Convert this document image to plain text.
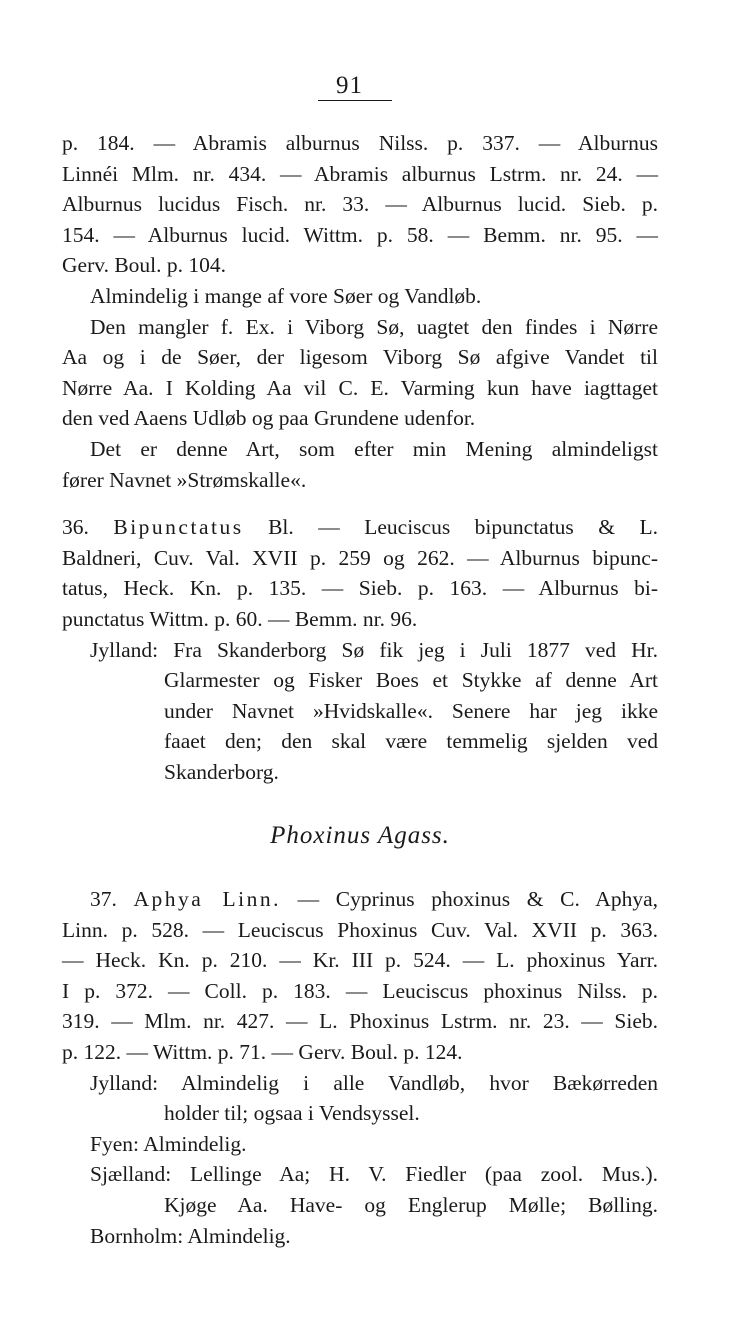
91
p. 184. — Abramis alburnus Nilss. p. 337. — Alburnus
Linnéi Mlm. nr. 434. — Abramis alburnus Lstrm. nr. 24. —
Alburnus lucidus Fisch. nr. 33. — Alburnus lucid. Sieb. p.
154. — Alburnus lucid. Wittm. p. 58. — Bemm. nr. 95. —
Gerv. Boul. p. 104.
Almindelig i mange af vore Søer og Vandløb.
Den mangler f. Ex. i Viborg Sø, uagtet den findes i Nørre
Aa og i de Søer, der ligesom Viborg Sø afgive Vandet til
Nørre Aa. I Kolding Aa vil C. E. Varming kun have iagttaget
den ved Aaens Udløb og paa Grundene udenfor.
Det er denne Art, som efter min Mening almindeligst
fører Navnet »Strømskalle«.
36. Bipunctatus Bl. — Leuciscus bipunctatus & L.
Baldneri, Cuv. Val. XVII p. 259 og 262. — Alburnus bipunc-
tatus, Heck. Kn. p. 135. — Sieb. p. 163. — Alburnus bi-
punctatus Wittm. p. 60. — Bemm. nr. 96.
Jylland: Fra Skanderborg Sø fik jeg i Juli 1877 ved Hr.
Glarmester og Fisker Boes et Stykke af denne Art
under Navnet »Hvidskalle«. Senere har jeg ikke
faaet den; den skal være temmelig sjelden ved
Skanderborg.
Phoxinus Agass.
37. Aphya Linn. — Cyprinus phoxinus & C. Aphya,
Linn. p. 528. — Leuciscus Phoxinus Cuv. Val. XVII p. 363.
— Heck. Kn. p. 210. — Kr. III p. 524. — L. phoxinus Yarr.
I p. 372. — Coll. p. 183. — Leuciscus phoxinus Nilss. p.
319. — Mlm. nr. 427. — L. Phoxinus Lstrm. nr. 23. — Sieb.
p. 122. — Wittm. p. 71. — Gerv. Boul. p. 124.
Jylland: Almindelig i alle Vandløb, hvor Bækørreden
holder til; ogsaa i Vendsyssel.
Fyen: Almindelig.
Sjælland: Lellinge Aa; H. V. Fiedler (paa zool. Mus.).
Kjøge Aa. Have- og Englerup Mølle; Bølling.
Bornholm: Almindelig.
